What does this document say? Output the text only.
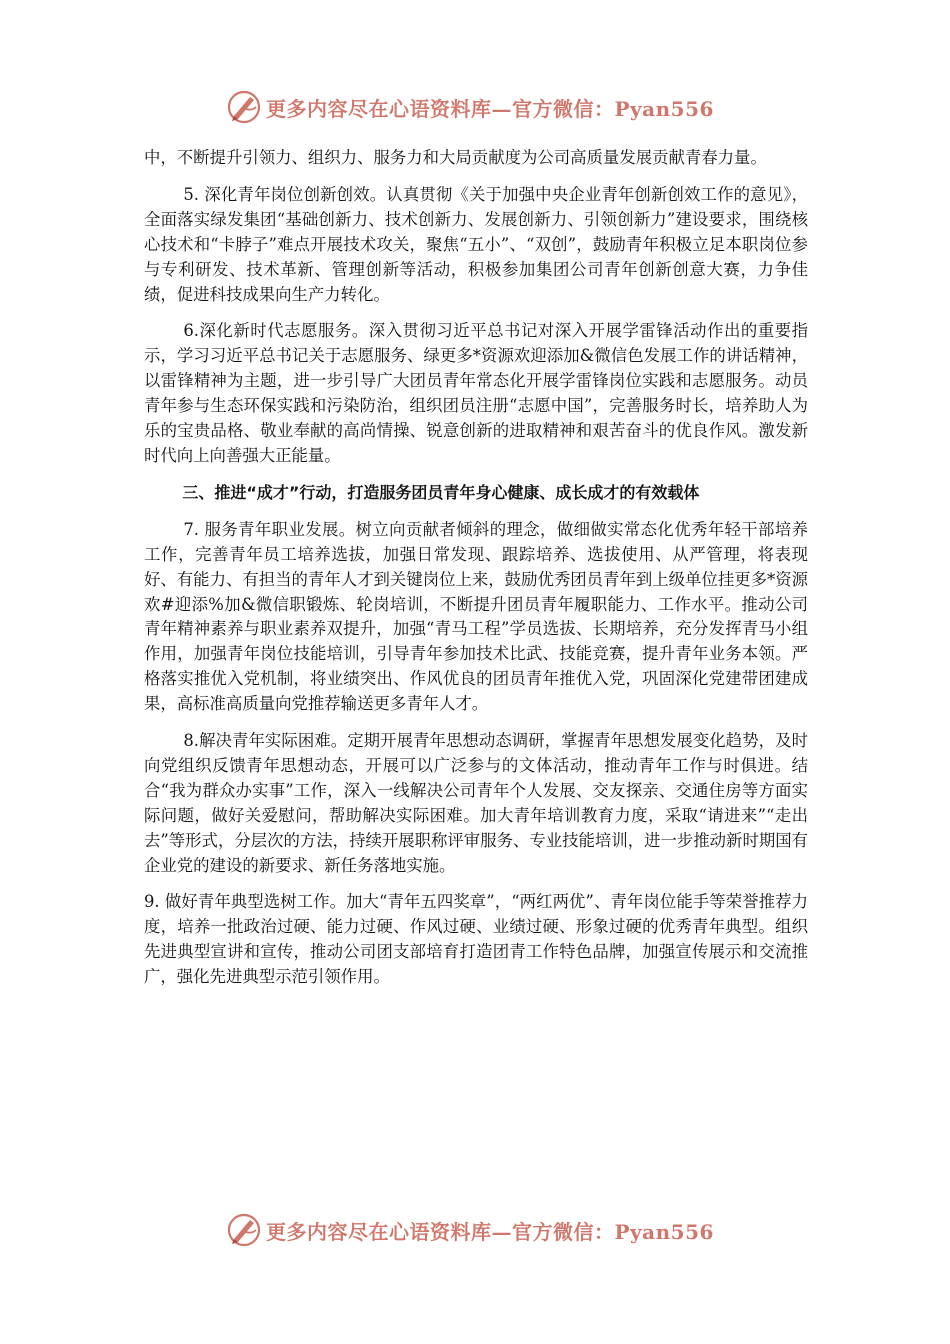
更多内容尽在心语资料库—官方微信：Pyan556

中，不断提升引领力、组织力、服务力和大局贡献度为公司高质量发展贡献青春力量。

5. 深化青年岗位创新创效。认真贯彻《关于加强中央企业青年创新创效工作的意见》，全面落实绿发集团“基础创新力、技术创新力、发展创新力、引领创新力”建设要求，围绕核心技术和“卡脖子”难点开展技术攻关，聚焦“五小”、“双创”，鼓励青年积极立足本职岗位参与专利研发、技术革新、管理创新等活动，积极参加集团公司青年创新创意大赛，力争佳绩，促进科技成果向生产力转化。

6.深化新时代志愿服务。深入贯彻习近平总书记对深入开展学雷锋活动作出的重要指示，学习习近平总书记关于志愿服务、绿更多*资源欢迎添加&微信色发展工作的讲话精神，以雷锋精神为主题，进一步引导广大团员青年常态化开展学雷锋岗位实践和志愿服务。动员青年参与生态环保实践和污染防治，组织团员注册“志愿中国”，完善服务时长，培养助人为乐的宝贵品格、敬业奉献的高尚情操、锐意创新的进取精神和艰苦奋斗的优良作风。激发新时代向上向善强大正能量。

三、推进“成才”行动，打造服务团员青年身心健康、成长成才的有效载体

7. 服务青年职业发展。树立向贡献者倾斜的理念，做细做实常态化优秀年轻干部培养工作，完善青年员工培养选拔，加强日常发现、跟踪培养、选拔使用、从严管理，将表现好、有能力、有担当的青年人才到关键岗位上来，鼓励优秀团员青年到上级单位挂更多*资源欢#迎添%加&微信职锻炼、轮岗培训，不断提升团员青年履职能力、工作水平。推动公司青年精神素养与职业素养双提升，加强“青马工程”学员选拔、长期培养，充分发挥青马小组作用，加强青年岗位技能培训，引导青年参加技术比武、技能竞赛，提升青年业务本领。严格落实推优入党机制，将业绩突出、作风优良的团员青年推优入党，巩固深化党建带团建成果，高标准高质量向党推荐输送更多青年人才。

8.解决青年实际困难。定期开展青年思想动态调研，掌握青年思想发展变化趋势，及时向党组织反馈青年思想动态，开展可以广泛参与的文体活动，推动青年工作与时俱进。结合“我为群众办实事”工作，深入一线解决公司青年个人发展、交友探亲、交通住房等方面实际问题，做好关爱慰问，帮助解决实际困难。加大青年培训教育力度，采取“请进来”“走出去”等形式，分层次的方法，持续开展职称评审服务、专业技能培训，进一步推动新时期国有企业党的建设的新要求、新任务落地实施。

9. 做好青年典型选树工作。加大“青年五四奖章”，“两红两优”、青年岗位能手等荣誉推荐力度，培养一批政治过硬、能力过硬、作风过硬、业绩过硬、形象过硬的优秀青年典型。组织先进典型宣讲和宣传，推动公司团支部培育打造团青工作特色品牌，加强宣传展示和交流推广，强化先进典型示范引领作用。

更多内容尽在心语资料库—官方微信：Pyan556
